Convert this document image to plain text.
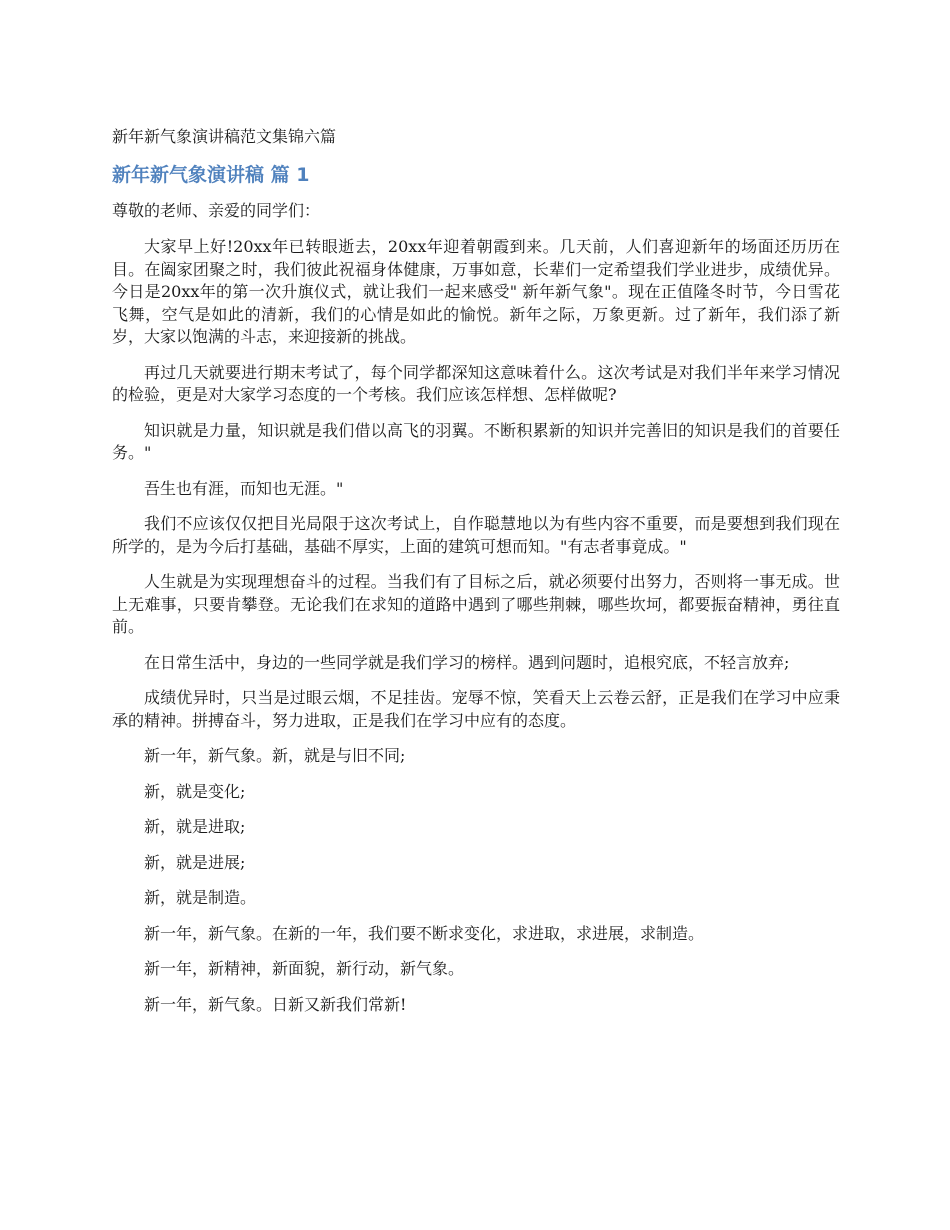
新年新气象演讲稿范文集锦六篇
新年新气象演讲稿 篇 1
尊敬的老师、亲爱的同学们：

大家早上好!20xx年已转眼逝去，20xx年迎着朝霞到来。几天前，人们喜迎新年的场面还历历在目。在阖家团聚之时，我们彼此祝福身体健康，万事如意，长辈们一定希望我们学业进步，成绩优异。今日是20xx年的第一次升旗仪式，就让我们一起来感受" 新年新气象"。现在正值隆冬时节，今日雪花飞舞，空气是如此的清新，我们的心情是如此的愉悦。新年之际，万象更新。过了新年，我们添了新岁，大家以饱满的斗志，来迎接新的挑战。

再过几天就要进行期末考试了，每个同学都深知这意味着什么。这次考试是对我们半年来学习情况的检验，更是对大家学习态度的一个考核。我们应该怎样想、怎样做呢?

知识就是力量，知识就是我们借以高飞的羽翼。不断积累新的知识并完善旧的知识是我们的首要任务。"

吾生也有涯，而知也无涯。"

我们不应该仅仅把目光局限于这次考试上，自作聪慧地以为有些内容不重要，而是要想到我们现在所学的，是为今后打基础，基础不厚实，上面的建筑可想而知。"有志者事竟成。"

人生就是为实现理想奋斗的过程。当我们有了目标之后，就必须要付出努力，否则将一事无成。世上无难事，只要肯攀登。无论我们在求知的道路中遇到了哪些荆棘，哪些坎坷，都要振奋精神，勇往直前。

在日常生活中，身边的一些同学就是我们学习的榜样。遇到问题时，追根究底，不轻言放弃;

成绩优异时，只当是过眼云烟，不足挂齿。宠辱不惊，笑看天上云卷云舒，正是我们在学习中应秉承的精神。拼搏奋斗，努力进取，正是我们在学习中应有的态度。

新一年，新气象。新，就是与旧不同;

新，就是变化;

新，就是进取;

新，就是进展;

新，就是制造。

新一年，新气象。在新的一年，我们要不断求变化，求进取，求进展，求制造。

新一年，新精神，新面貌，新行动，新气象。

新一年，新气象。日新又新我们常新!
